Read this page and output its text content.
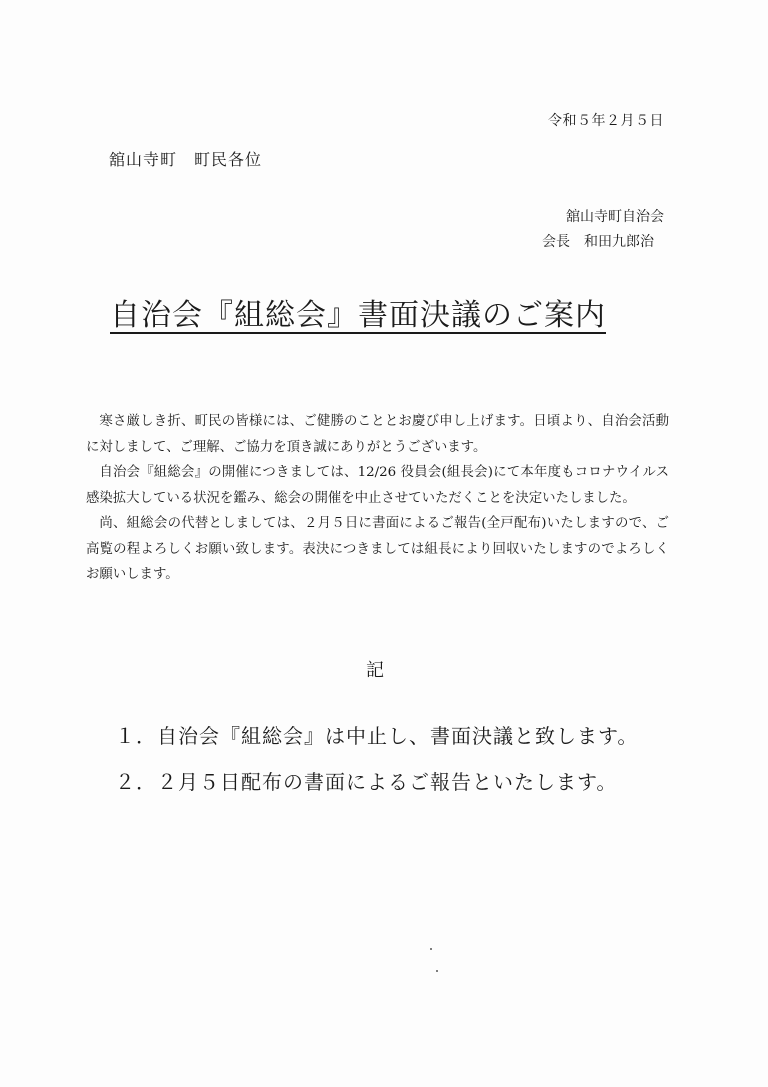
令和５年２月５日
舘山寺町　町民各位
舘山寺町自治会
会長　和田九郎治
自治会『組総会』書面決議のご案内

寒さ厳しき折、町民の皆様には、ご健勝のこととお慶び申し上げます。日頃より、自治会活動に対しまして、ご理解、ご協力を頂き誠にありがとうございます。

自治会『組総会』の開催につきましては、12/26 役員会(組長会)にて本年度もコロナウイルス感染拡大している状況を鑑み、総会の開催を中止させていただくことを決定いたしました。

尚、組総会の代替としましては、２月５日に書面によるご報告(全戸配布)いたしますので、ご高覧の程よろしくお願い致します。表決につきましては組長により回収いたしますのでよろしくお願いします。

記
１．自治会『組総会』は中止し、書面決議と致します。
２．２月５日配布の書面によるご報告といたします。
